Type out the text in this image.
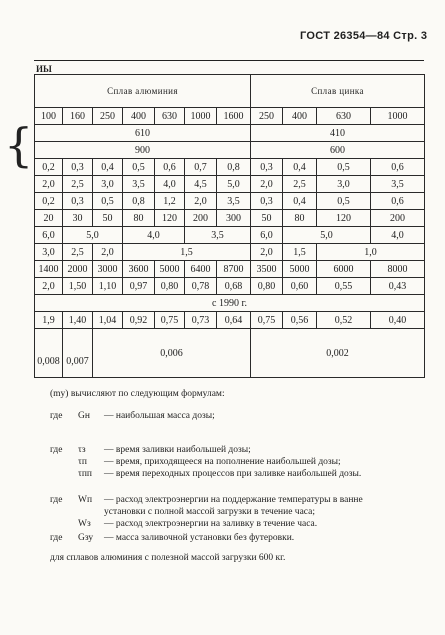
ГОСТ 26354—84 Стр. 3
ИЫ
{
Сплав алюминия							Сплав цинка			
100	160	250	400	630	1000	1600	250	400	630	1000
610							410			
900							600			
0,2	0,3	0,4	0,5	0,6	0,7	0,8	0,3	0,4	0,5	0,6
2,0	2,5	3,0	3,5	4,0	4,5	5,0	2,0	2,5	3,0	3,5
0,2	0,3	0,5	0,8	1,2	2,0	3,5	0,3	0,4	0,5	0,6
20	30	50	80	120	200	300	50	80	120	200
6,0	5,0		4,0		3,5		6,0	5,0		4,0
3,0	2,5	2,0	1,5				2,0	1,5	1,0	
1400	2000	3000	3600	5000	6400	8700	3500	5000	6000	8000
2,0	1,50	1,10	0,97	0,80	0,78	0,68	0,80	0,60	0,55	0,43
с 1990 г.										
1,9	1,40	1,04	0,92	0,75	0,73	0,64	0,75	0,56	0,52	0,40
0,008	0,007	0,006					0,002			
(mу) вычисляют по следующим формулам:
где	Gн	— наибольшая масса дозы;
где	τз	— время заливки наибольшей дозы;
τп	— время, приходящееся на пополнение наибольшей дозы;
τпп	— время переходных процессов при заливке наибольшей дозы.
где	Wп	— расход электроэнергии на поддержание температуры в ванне
установки с полной массой загрузки в течение часа;
Wз	— расход электроэнергии на заливку в течение часа.
где	Gзу	— масса заливочной установки без футеровки.
для сплавов алюминия с полезной массой загрузки 600 кг.
